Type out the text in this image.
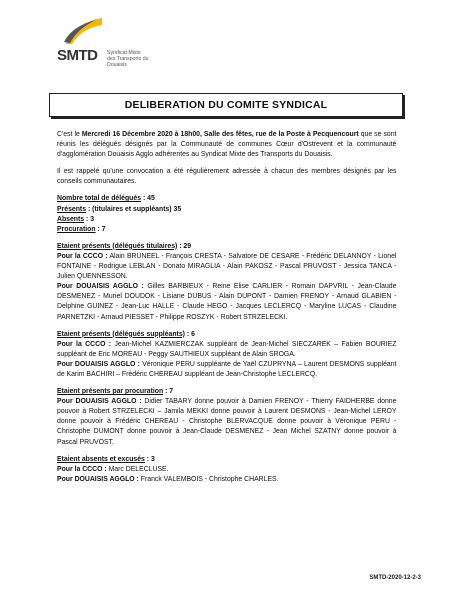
SMTD Syndicat Mixte
des Transports du Douaisis
DELIBERATION DU COMITE SYNDICAL

C'est le Mercredi 16 Décembre 2020 à 18h00, Salle des fêtes, rue de la Poste à Pecquencourt que se sont réunis les délégués désignés par la Communauté de communes Cœur d'Ostrevent et la communauté d'agglomération Douaisis Agglo adhérentes au Syndicat Mixte des Transports du Douaisis.

Il est rappelé qu'une convocation a été régulièrement adressée à chacun des membres désignés par les conseils communautaires.

Nombre total de délégués : 45

Présents : (titulaires et suppléants) 35

Absents : 3

Procuration : 7

Etaient présents (délégués titulaires) : 29

Pour la CCCO : Alain BRUNEEL - François CRESTA - Salvatore DE CESARE - Frédéric DELANNOY - Lionel FONTAINE - Rodrigue LEBLAN - Donato MIRAGLIA - Alain PAKOSZ - Pascal PRUVOST - Jessica TANCA - Julien QUENNESSON.

Pour DOUAISIS AGGLO : Gilles BARBIEUX - Reine Elise CARLIER - Romain DAPVRIL - Jean-Claude DESMENEZ - Muriel DOUDOK - Lisiane DUBUS - Alain DUPONT - Damien FRENOY - Arnaud GLABIEN - Delphine GUINEZ - Jean-Luc HALLE - Claude HEGO - Jacques LECLERCQ - Maryline LUCAS - Claudine PARNETZKI - Arnaud PIESSET - Philippe ROSZYK - Robert STRZELECKI.

Etaient présents (délégués suppléants) : 6

Pour la CCCO : Jean-Michel KAZMIERCZAK suppléant de Jean-Michel SIECZAREK – Fabien BOURIEZ suppléant de Eric MOREAU - Peggy SAUTHIEUX suppléant de Alain SROGA.

Pour DOUAISIS AGGLO : Véronique PERU suppléante de Yaël CZUPRYNA – Laurent DESMONS suppléant de Karim BACHIRI – Frédéric CHEREAU suppléant de Jean-Christophe LECLERCQ.

Etaient présents par procuration : 7

Pour DOUAISIS AGGLO : Didier TABARY donne pouvoir à Damien FRENOY - Thierry FAIDHERBE donne pouvoir à Robert STRZELECKI – Jamila MEKKI donne pouvoir à Laurent DESMONS - Jean-Michel LEROY donne pouvoir à Frédéric CHEREAU - Christophe BLERVACQUE donne pouvoir à Véronique PERU - Christophe DUMONT donne pouvoir à Jean-Claude DESMENEZ - Jean Michel SZATNY donne pouvoir à Pascal PRUVOST.

Etaient absents et excusés : 3

Pour la CCCO : Marc DELECLUSE.

Pour DOUAISIS AGGLO : Franck VALEMBOIS - Christophe CHARLES.

SMTD-2020-12-2-3
